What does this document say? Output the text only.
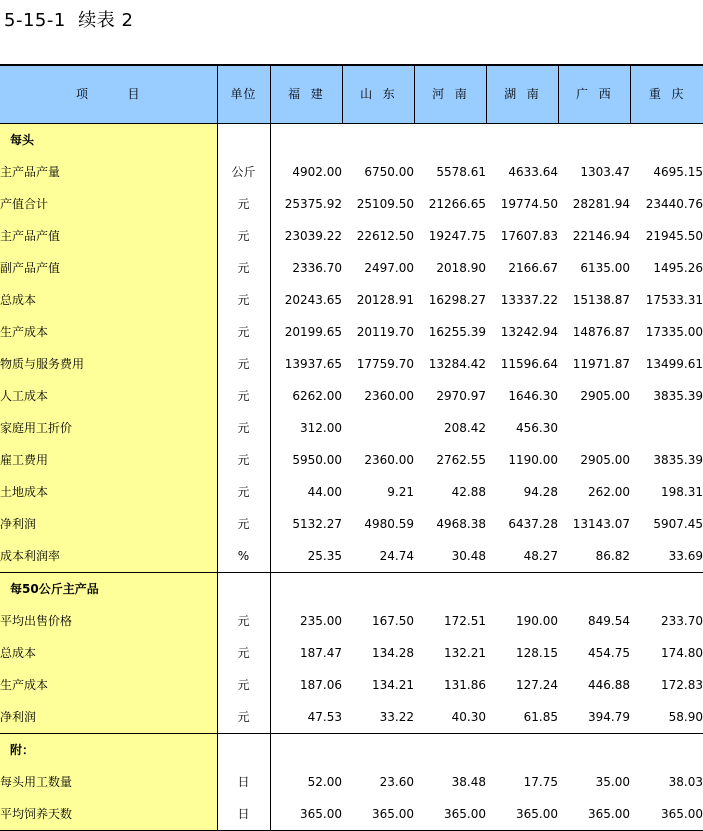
5-15-1  续表 2
项        目	单位	福  建	山  东	河  南	湖  南	广  西	重  庆
每头							
主产品产量	公斤	4902.00	6750.00	5578.61	4633.64	1303.47	4695.15
产值合计	元	25375.92	25109.50	21266.65	19774.50	28281.94	23440.76
主产品产值	元	23039.22	22612.50	19247.75	17607.83	22146.94	21945.50
副产品产值	元	2336.70	2497.00	2018.90	2166.67	6135.00	1495.26
总成本	元	20243.65	20128.91	16298.27	13337.22	15138.87	17533.31
生产成本	元	20199.65	20119.70	16255.39	13242.94	14876.87	17335.00
物质与服务费用	元	13937.65	17759.70	13284.42	11596.64	11971.87	13499.61
人工成本	元	6262.00	2360.00	2970.97	1646.30	2905.00	3835.39
家庭用工折价	元	312.00		208.42	456.30		
雇工费用	元	5950.00	2360.00	2762.55	1190.00	2905.00	3835.39
土地成本	元	44.00	9.21	42.88	94.28	262.00	198.31
净利润	元	5132.27	4980.59	4968.38	6437.28	13143.07	5907.45
成本利润率	%	25.35	24.74	30.48	48.27	86.82	33.69
每50公斤主产品							
平均出售价格	元	235.00	167.50	172.51	190.00	849.54	233.70
总成本	元	187.47	134.28	132.21	128.15	454.75	174.80
生产成本	元	187.06	134.21	131.86	127.24	446.88	172.83
净利润	元	47.53	33.22	40.30	61.85	394.79	58.90
附：							
每头用工数量	日	52.00	23.60	38.48	17.75	35.00	38.03
平均饲养天数	日	365.00	365.00	365.00	365.00	365.00	365.00
